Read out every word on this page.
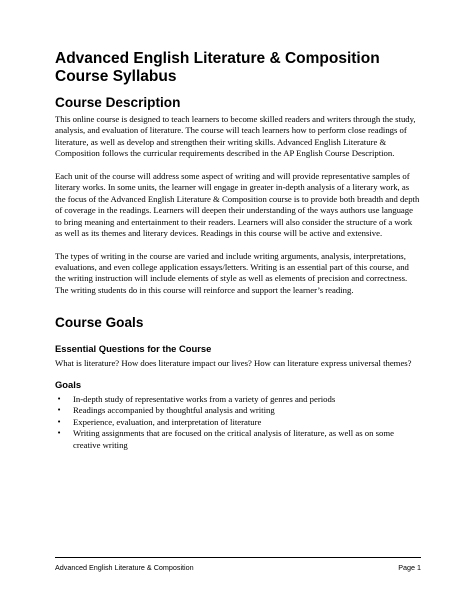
Advanced English Literature & Composition
Course Syllabus
Course Description

This online course is designed to teach learners to become skilled readers and writers through the study, analysis, and evaluation of literature. The course will teach learners how to perform close readings of literature, as well as develop and strengthen their writing skills. Advanced English Literature & Composition follows the curricular requirements described in the AP English Course Description.

Each unit of the course will address some aspect of writing and will provide representative samples of literary works. In some units, the learner will engage in greater in-depth analysis of a literary work, as the focus of the Advanced English Literature & Composition course is to provide both breadth and depth of coverage in the readings. Learners will deepen their understanding of the ways authors use language to bring meaning and entertainment to their readers. Learners will also consider the structure of a work as well as its themes and literary devices. Readings in this course will be active and extensive.

The types of writing in the course are varied and include writing arguments, analysis, interpretations, evaluations, and even college application essays/letters. Writing is an essential part of this course, and the writing instruction will include elements of style as well as elements of precision and correctness. The writing students do in this course will reinforce and support the learner’s reading.

Course Goals
Essential Questions for the Course

What is literature? How does literature impact our lives? How can literature express universal themes?

Goals
• In-depth study of representative works from a variety of genres and periods
• Readings accompanied by thoughtful analysis and writing
• Experience, evaluation, and interpretation of literature
• Writing assignments that are focused on the critical analysis of literature, as well as on some creative writing
Advanced English Literature & Composition	Page 1
